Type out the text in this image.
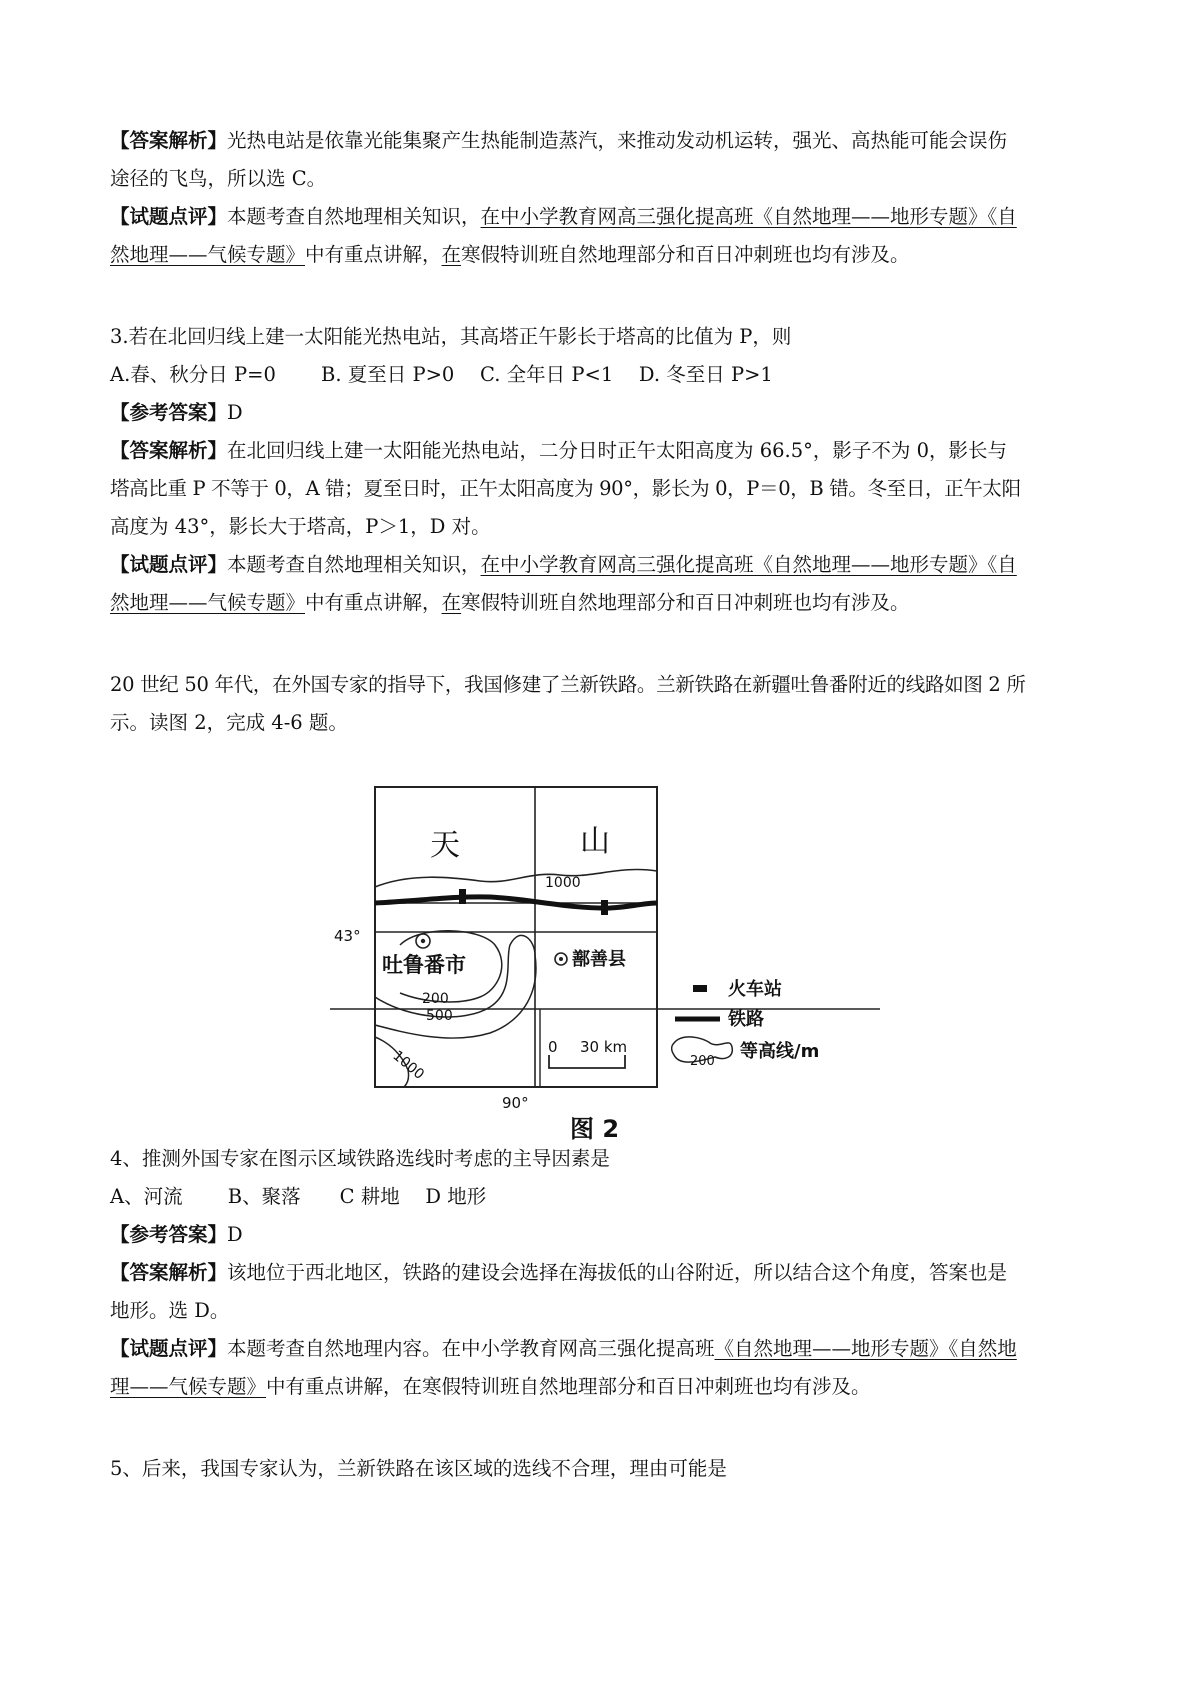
【答案解析】光热电站是依靠光能集聚产生热能制造蒸汽，来推动发动机运转，强光、高热能可能会误伤
途径的飞鸟，所以选 C。
【试题点评】本题考查自然地理相关知识，在中小学教育网高三强化提高班《自然地理——地形专题》《自
然地理——气候专题》中有重点讲解，在寒假特训班自然地理部分和百日冲刺班也均有涉及。
3.若在北回归线上建一太阳能光热电站，其高塔正午影长于塔高的比值为 P，则
A.春、秋分日 P=0　　 B. 夏至日 P>0　 C. 全年日 P<1　 D. 冬至日 P>1
【参考答案】D
【答案解析】在北回归线上建一太阳能光热电站，二分日时正午太阳高度为 66.5°，影子不为 0，影长与
塔高比重 P 不等于 0，A 错；夏至日时，正午太阳高度为 90°，影长为 0，P＝0，B 错。冬至日，正午太阳
高度为 43°，影长大于塔高，P＞1，D 对。
【试题点评】本题考查自然地理相关知识，在中小学教育网高三强化提高班《自然地理——地形专题》《自
然地理——气候专题》中有重点讲解，在寒假特训班自然地理部分和百日冲刺班也均有涉及。
20 世纪 50 年代，在外国专家的指导下，我国修建了兰新铁路。兰新铁路在新疆吐鲁番附近的线路如图 2 所
示。读图 2，完成 4-6 题。
天	山
1000
43°
吐鲁番市	鄯善县
200
500
1000
0 30 km
90°
火车站
铁路
200 等高线/m
图 2
4、推测外国专家在图示区域铁路选线时考虑的主导因素是
A、河流　　 B、聚落　　C 耕地　 D 地形
【参考答案】D
【答案解析】该地位于西北地区，铁路的建设会选择在海拔低的山谷附近，所以结合这个角度，答案也是
地形。选 D。
【试题点评】本题考查自然地理内容。在中小学教育网高三强化提高班《自然地理——地形专题》《自然地
理——气候专题》中有重点讲解，在寒假特训班自然地理部分和百日冲刺班也均有涉及。
5、后来，我国专家认为，兰新铁路在该区域的选线不合理，理由可能是
